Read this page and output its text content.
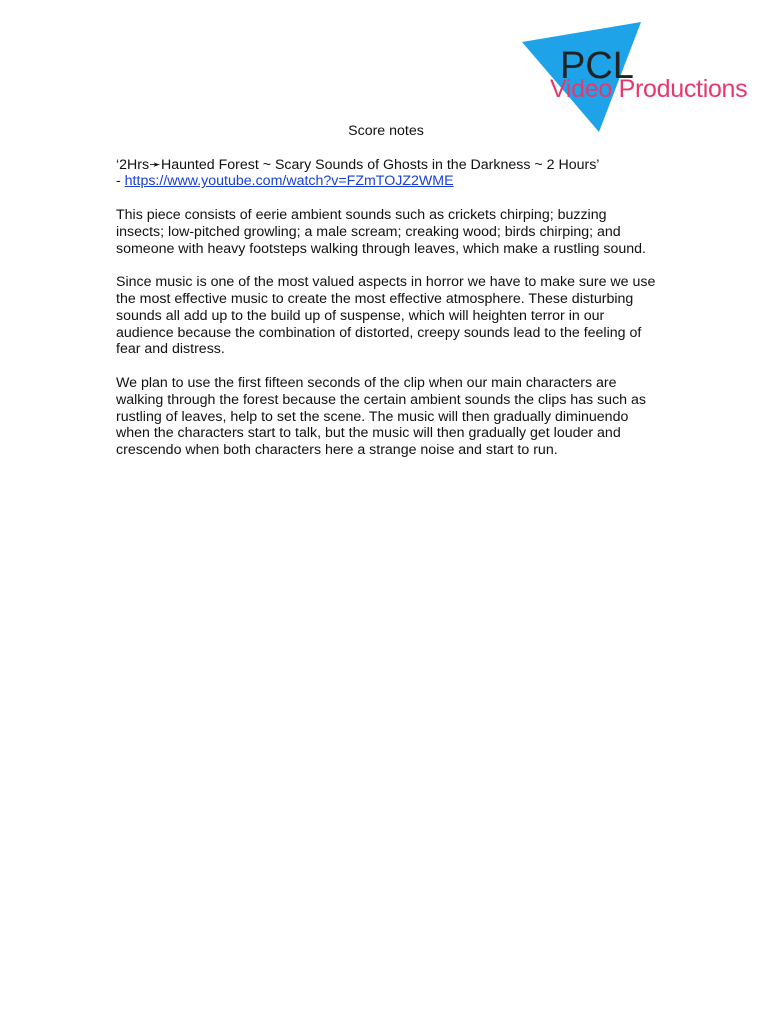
PCL
Video Productions
Score notes

‘2Hrs➛Haunted Forest ~ Scary Sounds of Ghosts in the Darkness ~ 2 Hours’
- https://www.youtube.com/watch?v=FZmTOJZ2WME

This piece consists of eerie ambient sounds such as crickets chirping; buzzing insects; low-pitched growling; a male scream; creaking wood; birds chirping; and someone with heavy footsteps walking through leaves, which make a rustling sound.

Since music is one of the most valued aspects in horror we have to make sure we use the most effective music to create the most effective atmosphere. These disturbing sounds all add up to the build up of suspense, which will heighten terror in our audience because the combination of distorted, creepy sounds lead to the feeling of fear and distress.

We plan to use the first fifteen seconds of the clip when our main characters are walking through the forest because the certain ambient sounds the clips has such as rustling of leaves, help to set the scene. The music will then gradually diminuendo when the characters start to talk, but the music will then gradually get louder and crescendo when both characters here a strange noise and start to run.
